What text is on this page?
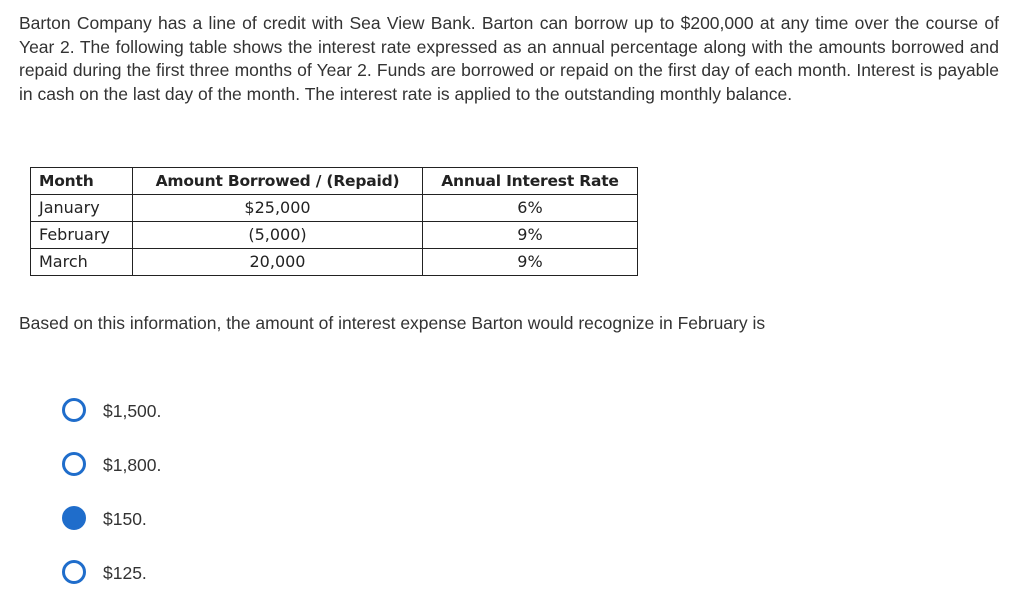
Barton Company has a line of credit with Sea View Bank. Barton can borrow up to $200,000 at any time over the course of Year 2. The following table shows the interest rate expressed as an annual percentage along with the amounts borrowed and repaid during the first three months of Year 2. Funds are borrowed or repaid on the first day of each month. Interest is payable in cash on the last day of the month. The interest rate is applied to the outstanding monthly balance.

Month	Amount Borrowed / (Repaid)	Annual Interest Rate
January	$25,000	6%
February	(5,000)	9%
March	20,000	9%

Based on this information, the amount of interest expense Barton would recognize in February is

$1,500.
$1,800.
$150.
$125.
